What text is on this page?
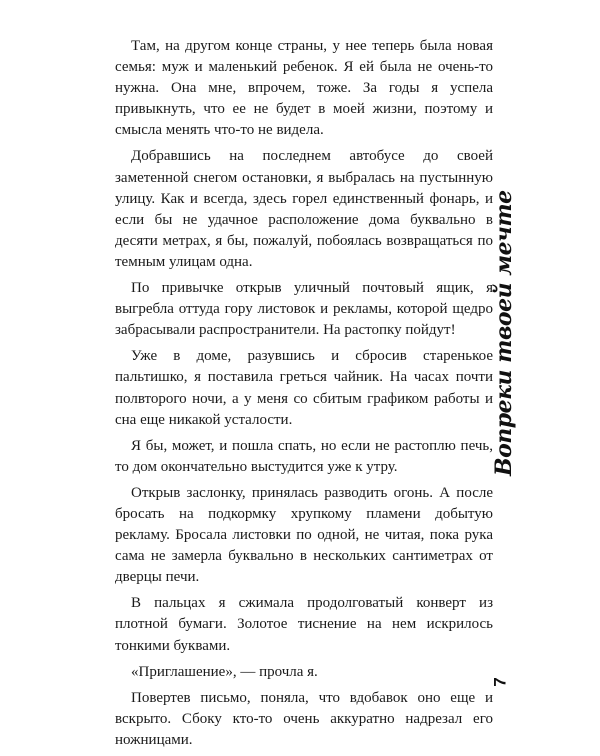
Там, на другом конце страны, у нее теперь была новая семья: муж и маленький ребенок. Я ей была не очень-то нужна. Она мне, впрочем, тоже. За годы я успела привыкнуть, что ее не будет в моей жизни, поэтому и смысла менять что-то не видела.

Добравшись на последнем автобусе до своей заметенной снегом остановки, я выбралась на пустынную улицу. Как и всегда, здесь горел единственный фонарь, и если бы не удачное расположение дома буквально в десяти метрах, я бы, пожалуй, побоялась возвращаться по темным улицам одна.

По привычке открыв уличный почтовый ящик, я выгребла оттуда гору листовок и рекламы, которой щедро забрасывали распространители. На растопку пойдут!

Уже в доме, разувшись и сбросив старенькое пальтишко, я поставила греться чайник. На часах почти полвторого ночи, а у меня со сбитым графиком работы и сна еще никакой усталости.

Я бы, может, и пошла спать, но если не растоплю печь, то дом окончательно выстудится уже к утру.

Открыв заслонку, принялась разводить огонь. А после бросать на подкормку хрупкому пламени добытую рекламу. Бросала листовки по одной, не читая, пока рука сама не замерла буквально в нескольких сантиметрах от дверцы печи.

В пальцах я сжимала продолговатый конверт из плотной бумаги. Золотое тиснение на нем искрилось тонкими буквами.

«Приглашение», — прочла я.

Повертев письмо, поняла, что вдобавок оно еще и вскрыто. Сбоку кто-то очень аккуратно надрезал его ножницами.

Вопреки твоей мечте
7
